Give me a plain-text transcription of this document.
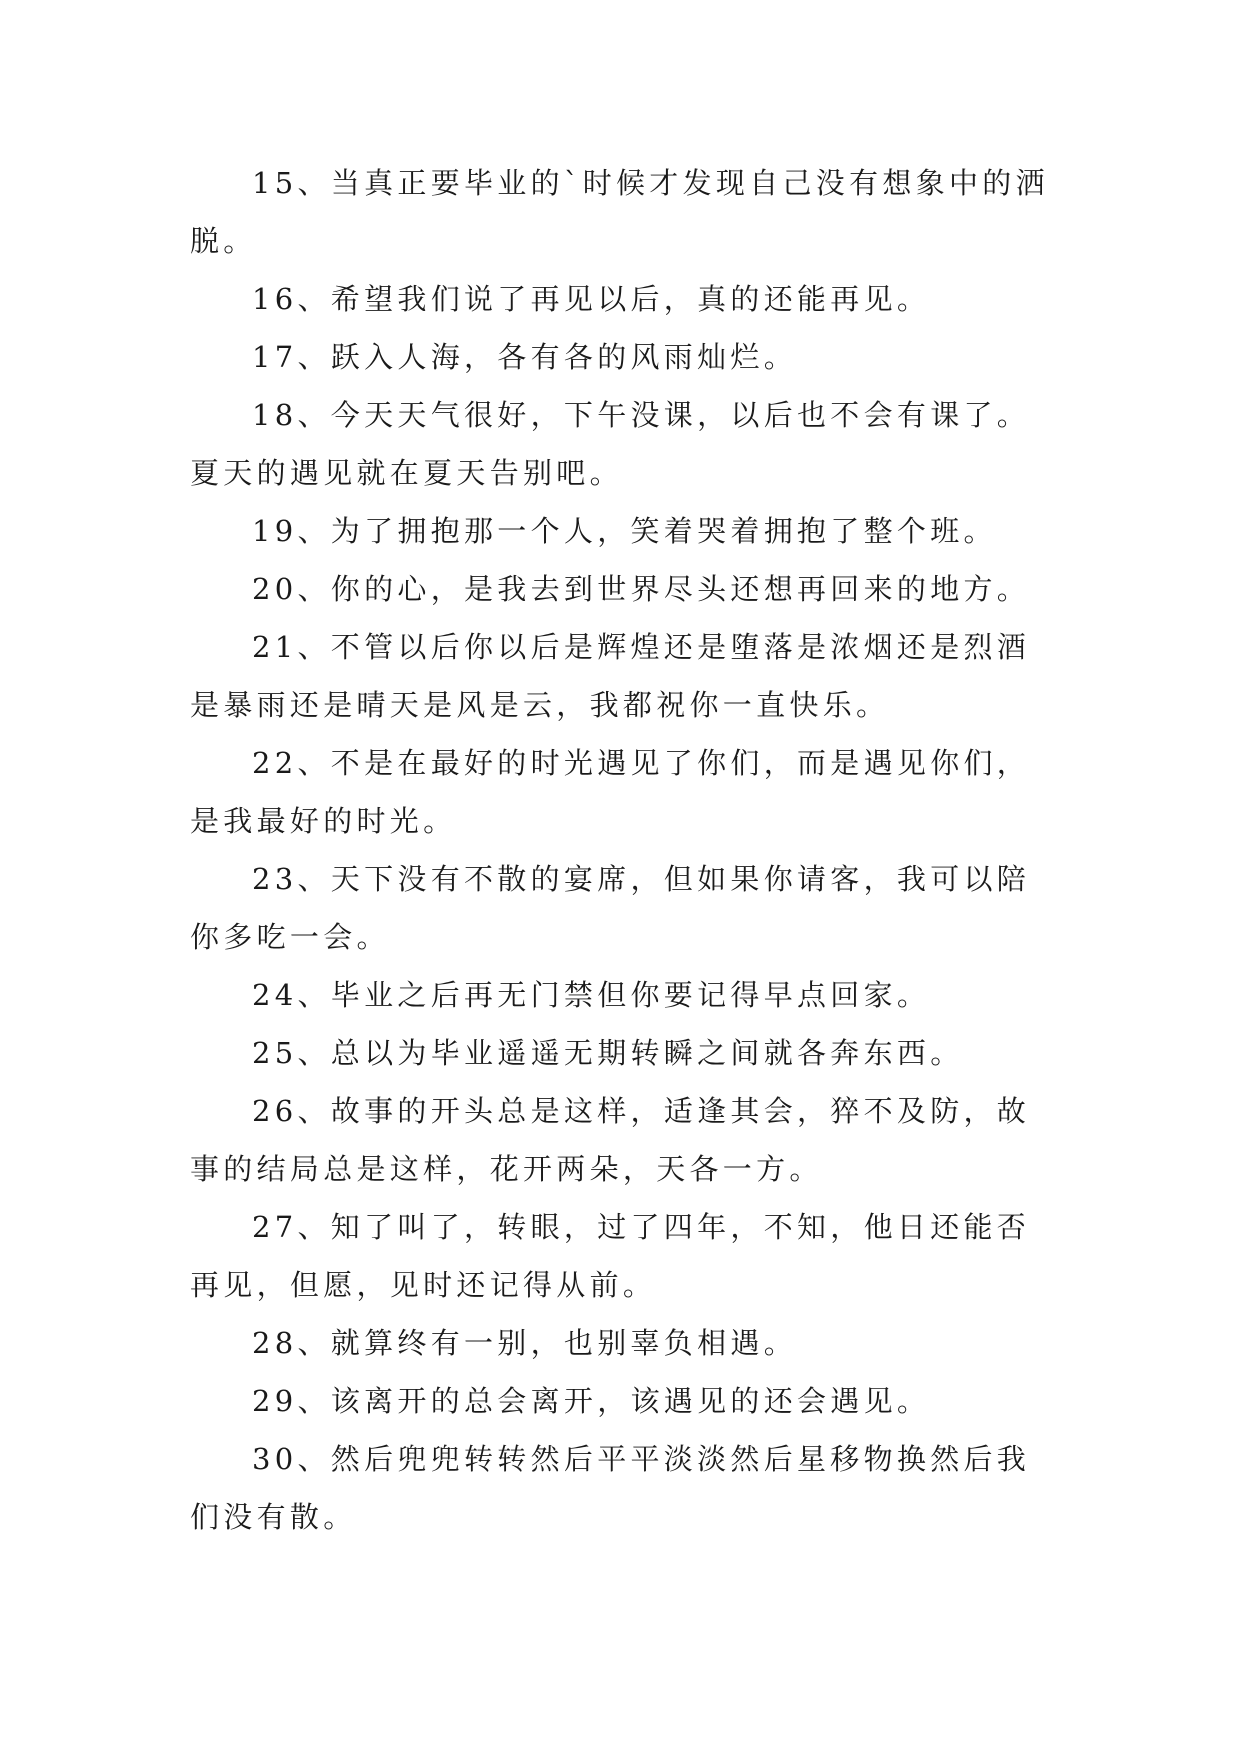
15、当真正要毕业的`时候才发现自己没有想象中的洒脱。

16、希望我们说了再见以后，真的还能再见。

17、跃入人海，各有各的风雨灿烂。

18、今天天气很好，下午没课，以后也不会有课了。夏天的遇见就在夏天告别吧。

19、为了拥抱那一个人，笑着哭着拥抱了整个班。

20、你的心，是我去到世界尽头还想再回来的地方。

21、不管以后你以后是辉煌还是堕落是浓烟还是烈酒是暴雨还是晴天是风是云，我都祝你一直快乐。

22、不是在最好的时光遇见了你们，而是遇见你们，是我最好的时光。

23、天下没有不散的宴席，但如果你请客，我可以陪你多吃一会。

24、毕业之后再无门禁但你要记得早点回家。

25、总以为毕业遥遥无期转瞬之间就各奔东西。

26、故事的开头总是这样，适逢其会，猝不及防，故事的结局总是这样，花开两朵，天各一方。

27、知了叫了，转眼，过了四年，不知，他日还能否再见，但愿，见时还记得从前。

28、就算终有一别，也别辜负相遇。

29、该离开的总会离开，该遇见的还会遇见。

30、然后兜兜转转然后平平淡淡然后星移物换然后我们没有散。
